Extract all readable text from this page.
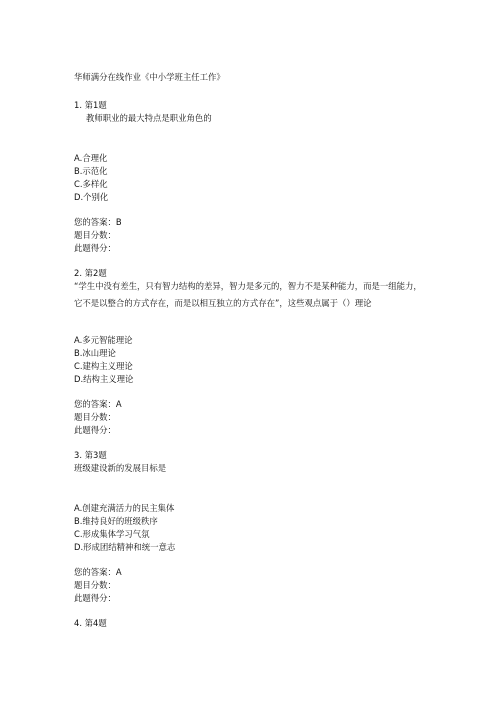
华师满分在线作业《中小学班主任工作》
1. 第1题
教师职业的最大特点是职业角色的
A.合理化
B.示范化
C.多样化
D.个别化
您的答案：B
题目分数：
此题得分：
2. 第2题
“学生中没有差生，只有智力结构的差异，智力是多元的，智力不是某种能力，而是一组能力，它不是以整合的方式存在，而是以相互独立的方式存在”，这些观点属于（）理论
A.多元智能理论
B.冰山理论
C.建构主义理论
D.结构主义理论
您的答案：A
题目分数：
此题得分：
3. 第3题
班级建设新的发展目标是
A.创建充满活力的民主集体
B.维持良好的班级秩序
C.形成集体学习气氛
D.形成团结精神和统一意志
您的答案：A
题目分数：
此题得分：
4. 第4题
